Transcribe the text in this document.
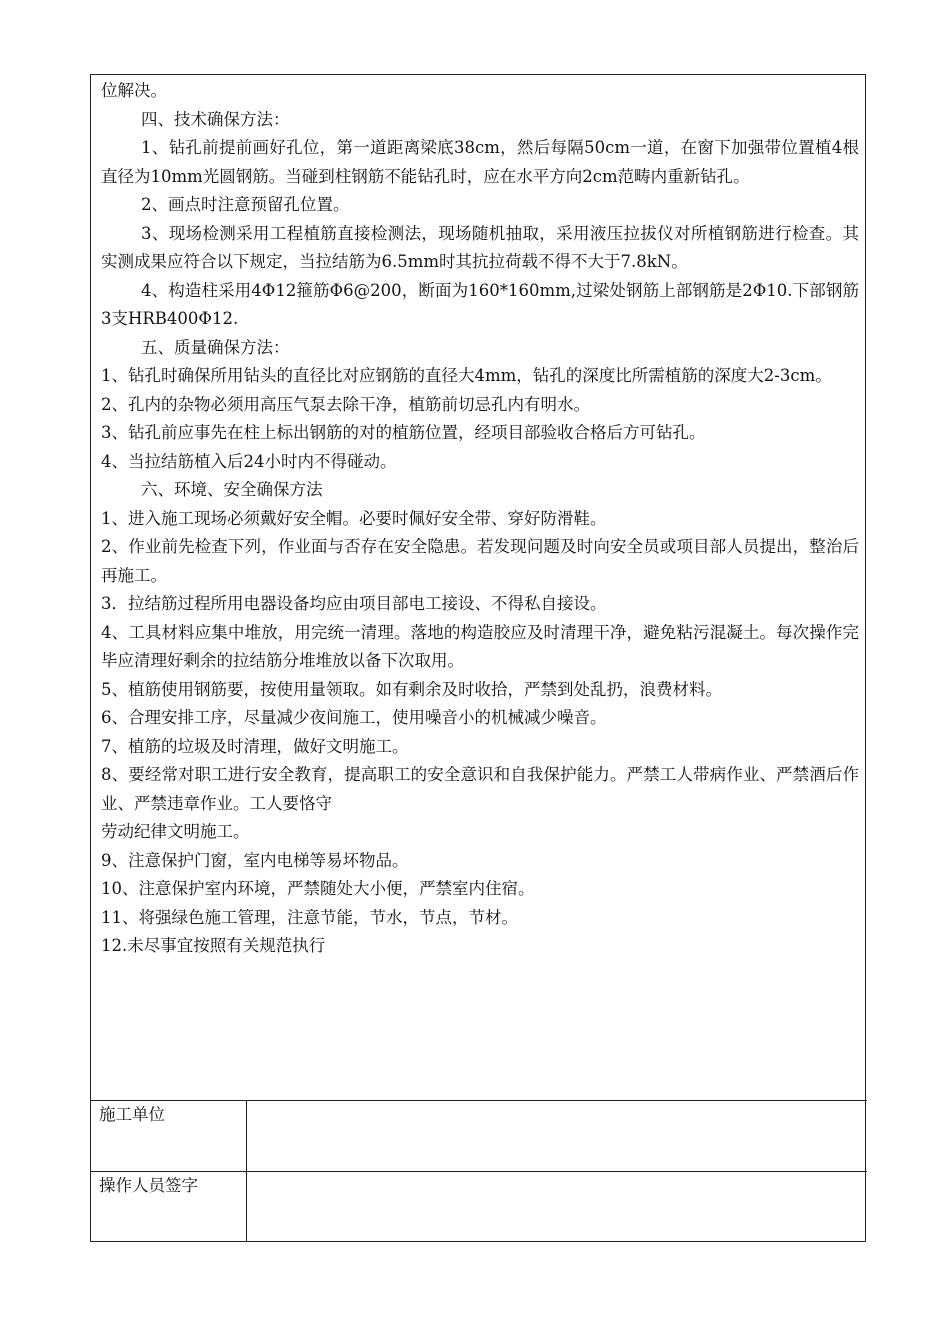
位解决。

四、技术确保方法：

1、钻孔前提前画好孔位，第一道距离梁底38cm，然后每隔50cm一道，在窗下加强带位置植4根直径为10mm光圆钢筋。当碰到柱钢筋不能钻孔时，应在水平方向2cm范畴内重新钻孔。

2、画点时注意预留孔位置。

3、现场检测采用工程植筋直接检测法，现场随机抽取，采用液压拉拔仪对所植钢筋进行检查。其实测成果应符合以下规定，当拉结筋为6.5mm时其抗拉荷载不得不大于7.8kN。

4、构造柱采用4Φ12箍筋Φ6@200，断面为160*160mm,过梁处钢筋上部钢筋是2Φ10.下部钢筋3支HRB400Φ12.

五、质量确保方法：

1、钻孔时确保所用钻头的直径比对应钢筋的直径大4mm，钻孔的深度比所需植筋的深度大2-3cm。

2、孔内的杂物必须用高压气泵去除干净，植筋前切忌孔内有明水。

3、钻孔前应事先在柱上标出钢筋的对的植筋位置，经项目部验收合格后方可钻孔。

4、当拉结筋植入后24小时内不得碰动。

六、环境、安全确保方法

1、进入施工现场必须戴好安全帽。必要时佩好安全带、穿好防滑鞋。

2、作业前先检查下列，作业面与否存在安全隐患。若发现问题及时向安全员或项目部人员提出，整治后再施工。

3．拉结筋过程所用电器设备均应由项目部电工接设、不得私自接设。

4、工具材料应集中堆放，用完统一清理。落地的构造胶应及时清理干净，避免粘污混凝土。每次操作完毕应清理好剩余的拉结筋分堆堆放以备下次取用。

5、植筋使用钢筋要，按使用量领取。如有剩余及时收拾，严禁到处乱扔，浪费材料。

6、合理安排工序，尽量减少夜间施工，使用噪音小的机械减少噪音。

7、植筋的垃圾及时清理，做好文明施工。

8、要经常对职工进行安全教育，提高职工的安全意识和自我保护能力。严禁工人带病作业、严禁酒后作业、严禁违章作业。工人要恪守

劳动纪律文明施工。

9、注意保护门窗，室内电梯等易坏物品。

10、注意保护室内环境，严禁随处大小便，严禁室内住宿。

11、将强绿色施工管理，注意节能，节水，节点，节材。

12.未尽事宜按照有关规范执行

施工单位
操作人员签字
